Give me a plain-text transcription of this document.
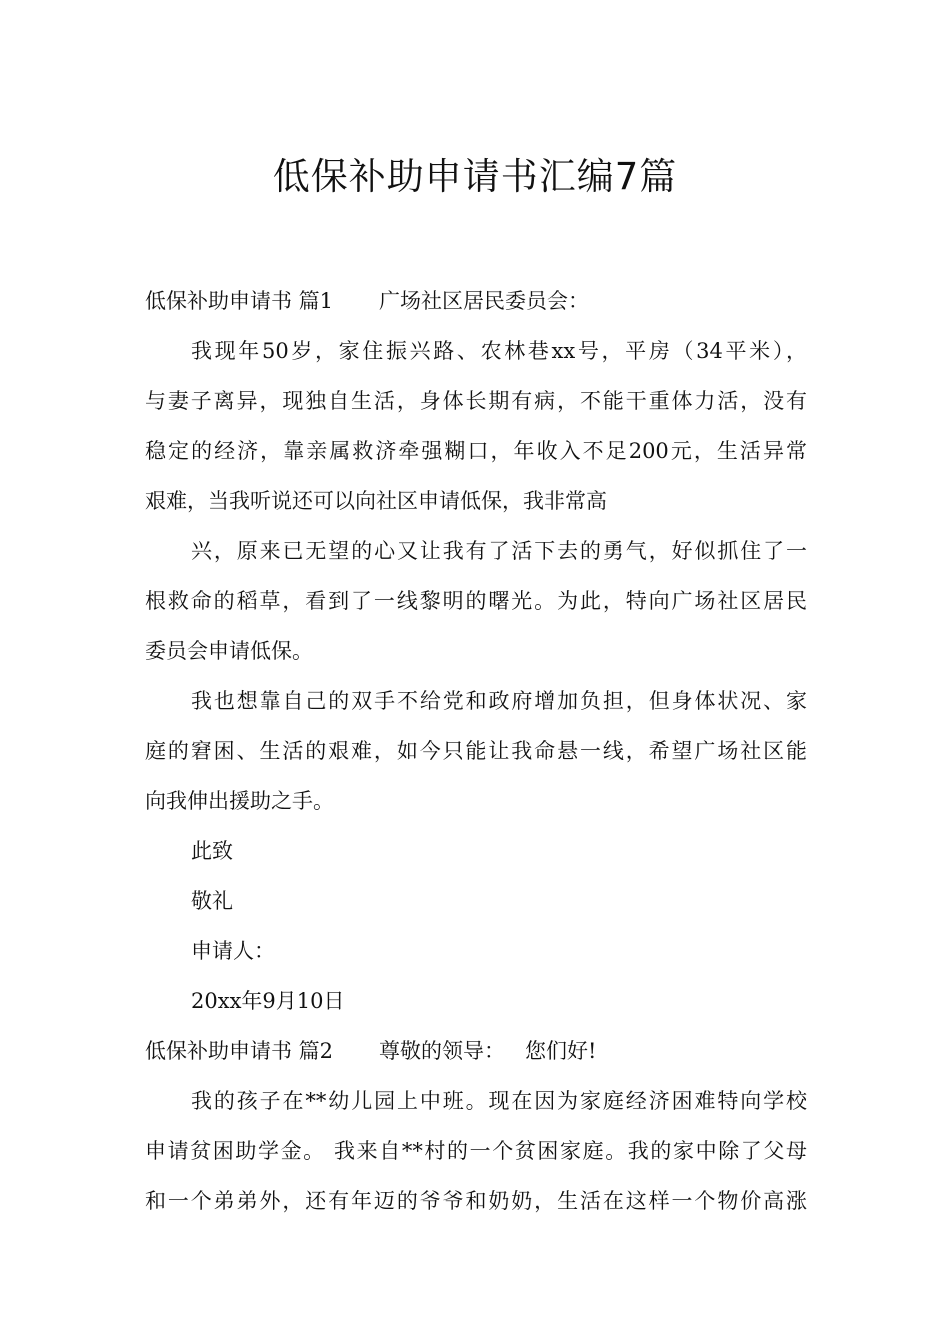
低保补助申请书汇编7篇
低保补助申请书 篇1 广场社区居民委员会：
我现年50岁，家住振兴路、农林巷xx号，平房（34平米），
与妻子离异，现独自生活，身体长期有病，不能干重体力活，没有
稳定的经济，靠亲属救济牵强糊口，年收入不足200元，生活异常
艰难，当我听说还可以向社区申请低保，我非常高
兴，原来已无望的心又让我有了活下去的勇气，好似抓住了一
根救命的稻草，看到了一线黎明的曙光。为此，特向广场社区居民
委员会申请低保。
我也想靠自己的双手不给党和政府增加负担，但身体状况、家
庭的窘困、生活的艰难，如今只能让我命悬一线，希望广场社区能
向我伸出援助之手。
此致
敬礼
申请人：
20xx年9月10日
低保补助申请书 篇2 尊敬的领导： 您们好!
我的孩子在**幼儿园上中班。现在因为家庭经济困难特向学校
申请贫困助学金。 我来自**村的一个贫困家庭。我的家中除了父母
和一个弟弟外，还有年迈的爷爷和奶奶，生活在这样一个物价高涨
